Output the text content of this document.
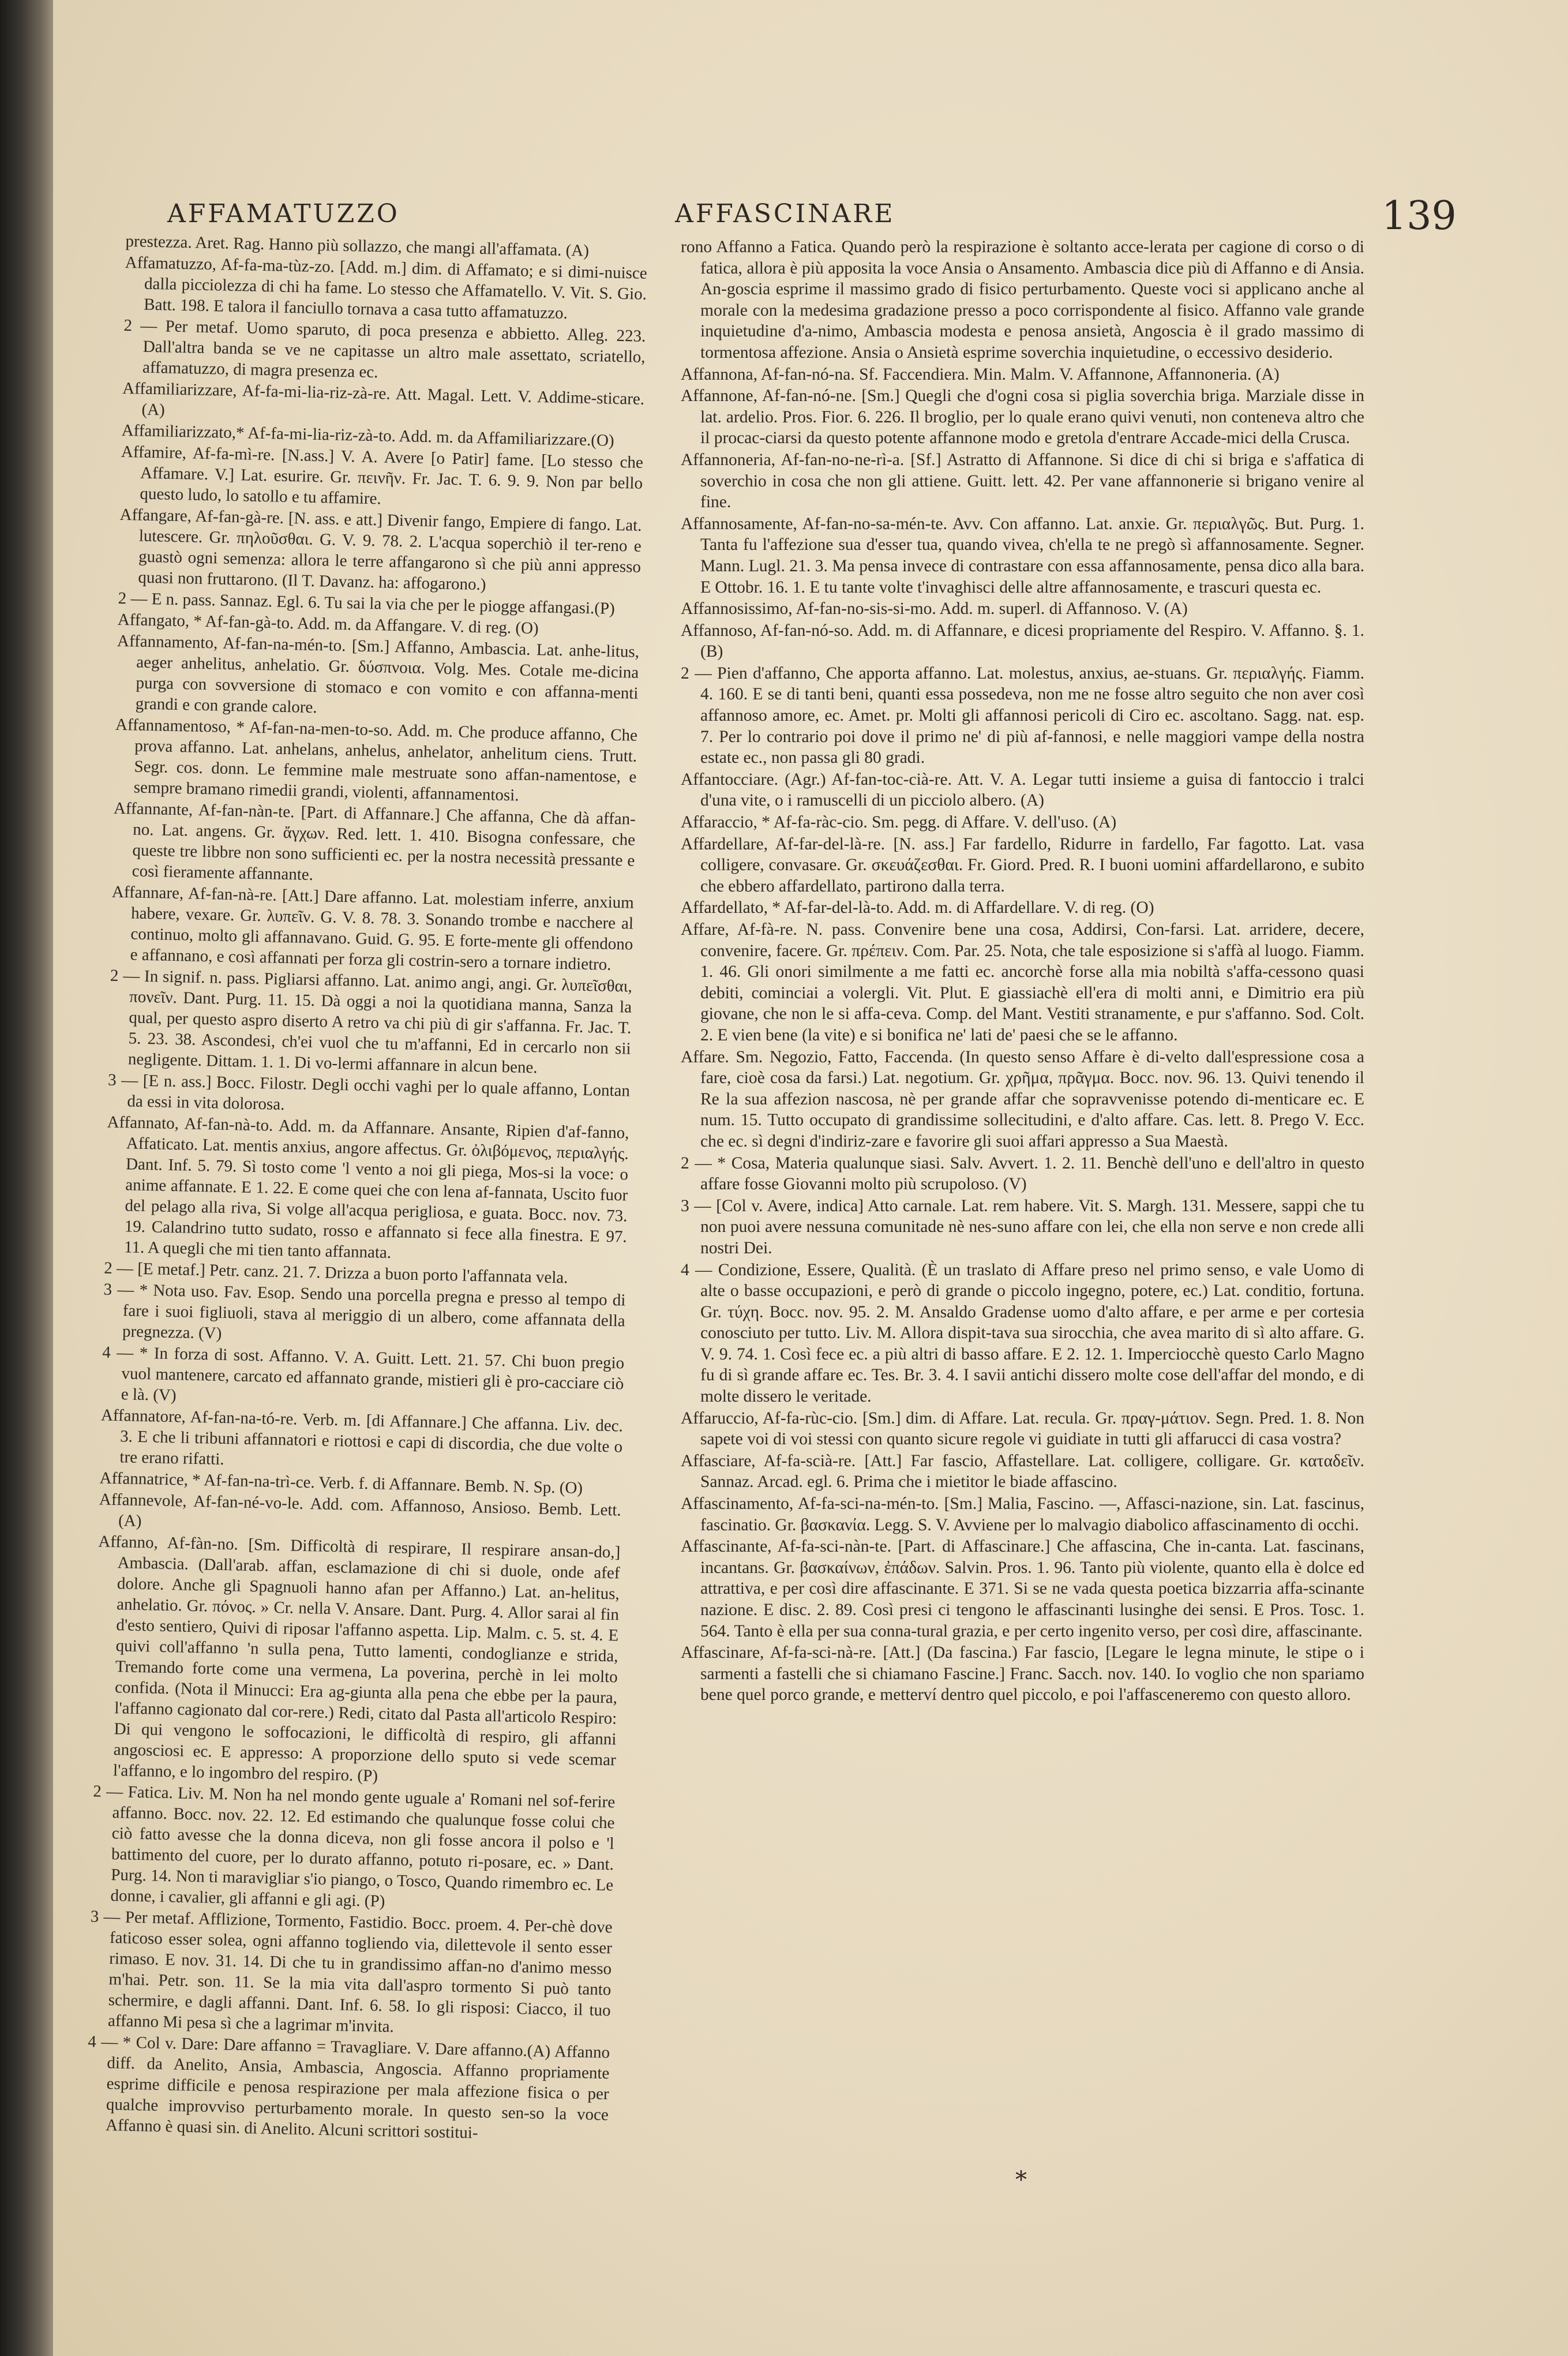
AFFAMATUZZO	AFFASCINARE	139

prestezza. Aret. Rag. Hanno più sollazzo, che mangi all'affamata. (A)

Affamatuzzo, Af-fa-ma-tùz-zo. [Add. m.] dim. di Affamato; e si dimi-nuisce dalla picciolezza di chi ha fame. Lo stesso che Affamatello. V. Vit. S. Gio. Batt. 198. E talora il fanciullo tornava a casa tutto affamatuzzo.

2 — Per metaf. Uomo sparuto, di poca presenza e abbietto. Alleg. 223. Dall'altra banda se ve ne capitasse un altro male assettato, scriatello, affamatuzzo, di magra presenza ec.

Affamiliarizzare, Af-fa-mi-lia-riz-zà-re. Att. Magal. Lett. V. Addime-sticare. (A)

Affamiliarizzato,* Af-fa-mi-lia-riz-zà-to. Add. m. da Affamiliarizzare.(O)

Affamire, Af-fa-mì-re. [N.ass.] V. A. Avere [o Patir] fame. [Lo stesso che Affamare. V.] Lat. esurire. Gr. πεινῆν. Fr. Jac. T. 6. 9. 9. Non par bello questo ludo, lo satollo e tu affamire.

Affangare, Af-fan-gà-re. [N. ass. e att.] Divenir fango, Empiere di fango. Lat. lutescere. Gr. πηλοῦσθαι. G. V. 9. 78. 2. L'acqua soperchiò il ter-reno e guastò ogni semenza: allora le terre affangarono sì che più anni appresso quasi non fruttarono. (Il T. Davanz. ha: affogarono.)

2 — E n. pass. Sannaz. Egl. 6. Tu sai la via che per le piogge affangasi.(P)

Affangato, * Af-fan-gà-to. Add. m. da Affangare. V. di reg. (O)

Affannamento, Af-fan-na-mén-to. [Sm.] Affanno, Ambascia. Lat. anhe-litus, aeger anhelitus, anhelatio. Gr. δύσπνοια. Volg. Mes. Cotale me-dicina purga con sovversione di stomaco e con vomito e con affanna-menti grandi e con grande calore.

Affannamentoso, * Af-fan-na-men-to-so. Add. m. Che produce affanno, Che prova affanno. Lat. anhelans, anhelus, anhelator, anhelitum ciens. Trutt. Segr. cos. donn. Le femmine male mestruate sono affan-namentose, e sempre bramano rimedii grandi, violenti, affannamentosi.

Affannante, Af-fan-nàn-te. [Part. di Affannare.] Che affanna, Che dà affan-no. Lat. angens. Gr. ἄγχων. Red. lett. 1. 410. Bisogna confessare, che queste tre libbre non sono sufficienti ec. per la nostra necessità pressante e così fieramente affannante.

Affannare, Af-fan-nà-re. [Att.] Dare affanno. Lat. molestiam inferre, anxium habere, vexare. Gr. λυπεῖν. G. V. 8. 78. 3. Sonando trombe e nacchere al continuo, molto gli affannavano. Guid. G. 95. E forte-mente gli offendono e affannano, e così affannati per forza gli costrin-sero a tornare indietro.

2 — In signif. n. pass. Pigliarsi affanno. Lat. animo angi, angi. Gr. λυπεῖσθαι, πονεῖν. Dant. Purg. 11. 15. Dà oggi a noi la quotidiana manna, Sanza la qual, per questo aspro diserto A retro va chi più di gir s'affanna. Fr. Jac. T. 5. 23. 38. Ascondesi, ch'ei vuol che tu m'affanni, Ed in cercarlo non sii negligente. Dittam. 1. 1. Di vo-lermi affannare in alcun bene.

3 — [E n. ass.] Bocc. Filostr. Degli occhi vaghi per lo quale affanno, Lontan da essi in vita dolorosa.

Affannato, Af-fan-nà-to. Add. m. da Affannare. Ansante, Ripien d'af-fanno, Affaticato. Lat. mentis anxius, angore affectus. Gr. ὀλιβόμενος, περιαλγής. Dant. Inf. 5. 79. Sì tosto come 'l vento a noi gli piega, Mos-si la voce: o anime affannate. E 1. 22. E come quei che con lena af-fannata, Uscito fuor del pelago alla riva, Si volge all'acqua perigliosa, e guata. Bocc. nov. 73. 19. Calandrino tutto sudato, rosso e affannato si fece alla finestra. E 97. 11. A quegli che mi tien tanto affannata.

2 — [E metaf.] Petr. canz. 21. 7. Drizza a buon porto l'affannata vela.

3 — * Nota uso. Fav. Esop. Sendo una porcella pregna e presso al tempo di fare i suoi figliuoli, stava al meriggio di un albero, come affannata della pregnezza. (V)

4 — * In forza di sost. Affanno. V. A. Guitt. Lett. 21. 57. Chi buon pregio vuol mantenere, carcato ed affannato grande, mistieri gli è pro-cacciare ciò e là. (V)

Affannatore, Af-fan-na-tó-re. Verb. m. [di Affannare.] Che affanna. Liv. dec. 3. E che li tribuni affannatori e riottosi e capi di discordia, che due volte o tre erano rifatti.

Affannatrice, * Af-fan-na-trì-ce. Verb. f. di Affannare. Bemb. N. Sp. (O)

Affannevole, Af-fan-né-vo-le. Add. com. Affannoso, Ansioso. Bemb. Lett. (A)

Affanno, Af-fàn-no. [Sm. Difficoltà di respirare, Il respirare ansan-do,] Ambascia. (Dall'arab. affan, esclamazione di chi si duole, onde afef dolore. Anche gli Spagnuoli hanno afan per Affanno.) Lat. an-helitus, anhelatio. Gr. πόνος. » Cr. nella V. Ansare. Dant. Purg. 4. Allor sarai al fin d'esto sentiero, Quivi di riposar l'affanno aspetta. Lip. Malm. c. 5. st. 4. E quivi coll'affanno 'n sulla pena, Tutto lamenti, condoglianze e strida, Tremando forte come una vermena, La poverina, perchè in lei molto confida. (Nota il Minucci: Era ag-giunta alla pena che ebbe per la paura, l'affanno cagionato dal cor-rere.) Redi, citato dal Pasta all'articolo Respiro: Di qui vengono le soffocazioni, le difficoltà di respiro, gli affanni angosciosi ec. E appresso: A proporzione dello sputo si vede scemar l'affanno, e lo ingombro del respiro. (P)

2 — Fatica. Liv. M. Non ha nel mondo gente uguale a' Romani nel sof-ferire affanno. Bocc. nov. 22. 12. Ed estimando che qualunque fosse colui che ciò fatto avesse che la donna diceva, non gli fosse ancora il polso e 'l battimento del cuore, per lo durato affanno, potuto ri-posare, ec. » Dant. Purg. 14. Non ti maravigliar s'io piango, o Tosco, Quando rimembro ec. Le donne, i cavalier, gli affanni e gli agi. (P)

3 — Per metaf. Afflizione, Tormento, Fastidio. Bocc. proem. 4. Per-chè dove faticoso esser solea, ogni affanno togliendo via, dilettevole il sento esser rimaso. E nov. 31. 14. Di che tu in grandissimo affan-no d'animo messo m'hai. Petr. son. 11. Se la mia vita dall'aspro tormento Si può tanto schermire, e dagli affanni. Dant. Inf. 6. 58. Io gli risposi: Ciacco, il tuo affanno Mi pesa sì che a lagrimar m'invita.

4 — * Col v. Dare: Dare affanno = Travagliare. V. Dare affanno.(A) Affanno diff. da Anelito, Ansia, Ambascia, Angoscia. Affanno propriamente esprime difficile e penosa respirazione per mala affezione fisica o per qualche improvviso perturbamento morale. In questo sen-so la voce Affanno è quasi sin. di Anelito. Alcuni scrittori sostitui-

rono Affanno a Fatica. Quando però la respirazione è soltanto acce-lerata per cagione di corso o di fatica, allora è più apposita la voce Ansia o Ansamento. Ambascia dice più di Affanno e di Ansia. An-goscia esprime il massimo grado di fisico perturbamento. Queste voci si applicano anche al morale con la medesima gradazione presso a poco corrispondente al fisico. Affanno vale grande inquietudine d'a-nimo, Ambascia modesta e penosa ansietà, Angoscia è il grado massimo di tormentosa affezione. Ansia o Ansietà esprime soverchia inquietudine, o eccessivo desiderio.

Affannona, Af-fan-nó-na. Sf. Faccendiera. Min. Malm. V. Affannone, Affannoneria. (A)

Affannone, Af-fan-nó-ne. [Sm.] Quegli che d'ogni cosa si piglia soverchia briga. Marziale disse in lat. ardelio. Pros. Fior. 6. 226. Il broglio, per lo quale erano quivi venuti, non conteneva altro che il procac-ciarsi da questo potente affannone modo e gretola d'entrare Accade-mici della Crusca.

Affannoneria, Af-fan-no-ne-rì-a. [Sf.] Astratto di Affannone. Si dice di chi si briga e s'affatica di soverchio in cosa che non gli attiene. Guitt. lett. 42. Per vane affannonerie si brigano venire al fine.

Affannosamente, Af-fan-no-sa-mén-te. Avv. Con affanno. Lat. anxie. Gr. περιαλγῶς. But. Purg. 1. Tanta fu l'affezione sua d'esser tua, quando vivea, ch'ella te ne pregò sì affannosamente. Segner. Mann. Lugl. 21. 3. Ma pensa invece di contrastare con essa affannosamente, pensa dico alla bara. E Ottobr. 16. 1. E tu tante volte t'invaghisci delle altre affannosamente, e trascuri questa ec.

Affannosissimo, Af-fan-no-sis-si-mo. Add. m. superl. di Affannoso. V. (A)

Affannoso, Af-fan-nó-so. Add. m. di Affannare, e dicesi propriamente del Respiro. V. Affanno. §. 1. (B)

2 — Pien d'affanno, Che apporta affanno. Lat. molestus, anxius, ae-stuans. Gr. περιαλγής. Fiamm. 4. 160. E se di tanti beni, quanti essa possedeva, non me ne fosse altro seguito che non aver così affannoso amore, ec. Amet. pr. Molti gli affannosi pericoli di Ciro ec. ascoltano. Sagg. nat. esp. 7. Per lo contrario poi dove il primo ne' di più af-fannosi, e nelle maggiori vampe della nostra estate ec., non passa gli 80 gradi.

Affantocciare. (Agr.) Af-fan-toc-cià-re. Att. V. A. Legar tutti insieme a guisa di fantoccio i tralci d'una vite, o i ramuscelli di un picciolo albero. (A)

Affaraccio, * Af-fa-ràc-cio. Sm. pegg. di Affare. V. dell'uso. (A)

Affardellare, Af-far-del-là-re. [N. ass.] Far fardello, Ridurre in fardello, Far fagotto. Lat. vasa colligere, convasare. Gr. σκευάζεσθαι. Fr. Giord. Pred. R. I buoni uomini affardellarono, e subito che ebbero affardellato, partirono dalla terra.

Affardellato, * Af-far-del-là-to. Add. m. di Affardellare. V. di reg. (O)

Affare, Af-fà-re. N. pass. Convenire bene una cosa, Addirsi, Con-farsi. Lat. arridere, decere, convenire, facere. Gr. πρέπειν. Com. Par. 25. Nota, che tale esposizione si s'affà al luogo. Fiamm. 1. 46. Gli onori similmente a me fatti ec. ancorchè forse alla mia nobiltà s'affa-cessono quasi debiti, cominciai a volergli. Vit. Plut. E giassiachè ell'era di molti anni, e Dimitrio era più giovane, che non le si affa-ceva. Comp. del Mant. Vestiti stranamente, e pur s'affanno. Sod. Colt. 2. E vien bene (la vite) e si bonifica ne' lati de' paesi che se le affanno.

Affare. Sm. Negozio, Fatto, Faccenda. (In questo senso Affare è di-velto dall'espressione cosa a fare, cioè cosa da farsi.) Lat. negotium. Gr. χρῆμα, πρᾶγμα. Bocc. nov. 96. 13. Quivi tenendo il Re la sua affezion nascosa, nè per grande affar che sopravvenisse potendo di-menticare ec. E num. 15. Tutto occupato di grandissime sollecitudini, e d'alto affare. Cas. lett. 8. Prego V. Ecc. che ec. sì degni d'indiriz-zare e favorire gli suoi affari appresso a Sua Maestà.

2 — * Cosa, Materia qualunque siasi. Salv. Avvert. 1. 2. 11. Benchè dell'uno e dell'altro in questo affare fosse Giovanni molto più scrupoloso. (V)

3 — [Col v. Avere, indica] Atto carnale. Lat. rem habere. Vit. S. Margh. 131. Messere, sappi che tu non puoi avere nessuna comunitade nè nes-suno affare con lei, che ella non serve e non crede alli nostri Dei.

4 — Condizione, Essere, Qualità. (È un traslato di Affare preso nel primo senso, e vale Uomo di alte o basse occupazioni, e però di grande o piccolo ingegno, potere, ec.) Lat. conditio, fortuna. Gr. τύχη. Bocc. nov. 95. 2. M. Ansaldo Gradense uomo d'alto affare, e per arme e per cortesia conosciuto per tutto. Liv. M. Allora dispit-tava sua sirocchia, che avea marito di sì alto affare. G. V. 9. 74. 1. Così fece ec. a più altri di basso affare. E 2. 12. 1. Imperciocchè questo Carlo Magno fu di sì grande affare ec. Tes. Br. 3. 4. I savii antichi dissero molte cose dell'affar del mondo, e di molte dissero le veritade.

Affaruccio, Af-fa-rùc-cio. [Sm.] dim. di Affare. Lat. recula. Gr. πραγ-μάτιον. Segn. Pred. 1. 8. Non sapete voi di voi stessi con quanto sicure regole vi guidiate in tutti gli affarucci di casa vostra?

Affasciare, Af-fa-scià-re. [Att.] Far fascio, Affastellare. Lat. colligere, colligare. Gr. καταδεῖν. Sannaz. Arcad. egl. 6. Prima che i mietitor le biade affascino.

Affascinamento, Af-fa-sci-na-mén-to. [Sm.] Malia, Fascino. —, Affasci-nazione, sin. Lat. fascinus, fascinatio. Gr. βασκανία. Legg. S. V. Avviene per lo malvagio diabolico affascinamento di occhi.

Affascinante, Af-fa-sci-nàn-te. [Part. di Affascinare.] Che affascina, Che in-canta. Lat. fascinans, incantans. Gr. βασκαίνων, ἐπάδων. Salvin. Pros. 1. 96. Tanto più violente, quanto ella è dolce ed attrattiva, e per così dire affascinante. E 371. Si se ne vada questa poetica bizzarria affa-scinante nazione. E disc. 2. 89. Così presi ci tengono le affascinanti lusinghe dei sensi. E Pros. Tosc. 1. 564. Tanto è ella per sua conna-tural grazia, e per certo ingenito verso, per così dire, affascinante.

Affascinare, Af-fa-sci-nà-re. [Att.] (Da fascina.) Far fascio, [Legare le legna minute, le stipe o i sarmenti a fastelli che si chiamano Fascine.] Franc. Sacch. nov. 140. Io voglio che non spariamo bene quel porco grande, e metterví dentro quel piccolo, e poi l'affasceneremo con questo alloro.

*
